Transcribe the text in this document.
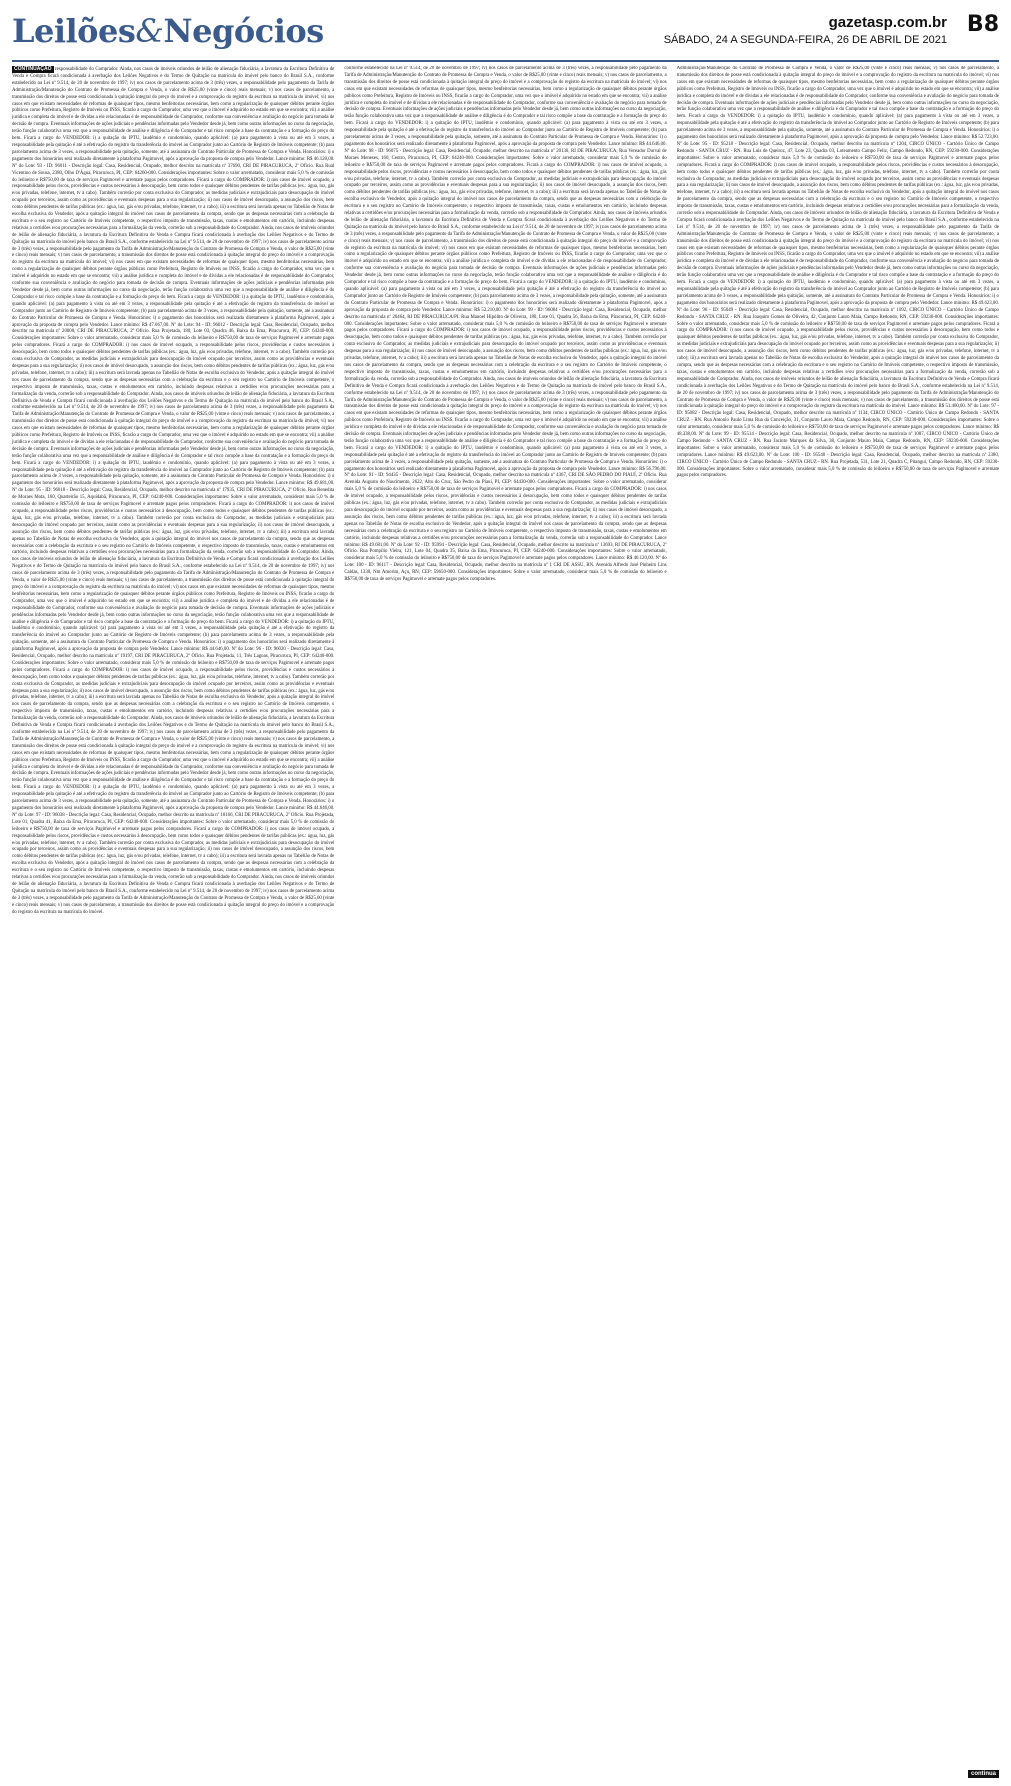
Leilões&Negócios	gazetasp.com.br
SÁBADO, 24 A SEGUNDA-FEIRA, 26 DE ABRIL DE 2021
B8

CONTINUAÇÃO responsabilidade do Comprador. Ainda, nos casos de imóveis oriundos de leilão de alienação fiduciária, a lavratura da Escritura Definitiva de Venda e Compra ficará condicionada à averbação dos Leilões Negativos e do Termo de Quitação na matrícula do imóvel pelo banco do Brasil S.A., conforme estabelecido na Lei nº 9.514, de 20 de novembro de 1997; iv) nos casos de parcelamento acima de 3 (três) vezes, a responsabilidade pelo pagamento da Tarifa de Administração/Manutenção do Contrato de Promessa de Compra e Venda, o valor de R$25,00 (vinte e cinco) reais mensais; v) nos casos de parcelamento, a transmissão dos direitos de posse está condicionada à quitação integral do preço do imóvel e a comprovação do registro da escritura na matrícula do imóvel; vi) nos casos em que existam necessidades de reformas de quaisquer tipos, mesmo benfeitorias necessárias, bem como a regularização de quaisquer débitos perante órgãos públicos como Prefeitura, Registro de Imóveis ou INSS, ficarão a cargo do Comprador, uma vez que o imóvel é adquirido no estado em que se encontra; vii) a análise jurídica e completa do imóvel e de dívidas a ele relacionadas é de responsabilidade do Comprador, conforme sua conveniência e avaliação do negócio para tomada de decisão de compra. Eventuais informações de ações judiciais e pendências informadas pelo Vendedor desde já, bem como outras informações no curso da negociação, terão função colaborativa uma vez que a responsabilidade de análise e diligência é do Comprador e tal risco compõe a base da contratação e a formação do preço do bem. Ficará a cargo do VENDEDOR: i) a quitação do IPTU, laudêmio e condomínio, quando aplicável: (a) para pagamento à vista ou até em 3 vezes, a responsabilidade pela quitação é até a efetivação do registro da transferência do imóvel ao Comprador junto ao Cartório de Registro de Imóveis competente; (b) para parcelamento acima de 3 vezes, a responsabilidade pela quitação, somente, até a assinatura do Contrato Particular de Promessa de Compra e Venda. Honorários: i) o pagamento dos honorários será realizado diretamente à plataforma Pagimovel, após a aprovação da proposta de compra pelo Vendedor. Lance mínimo: R$ 46.120,00. Nº do Lote: 93 - ID: 96011 - Descrição legal: Casa, Residencial, Ocupado, melhor descrito na matrícula nº 37690, CRI DE PIRACURUCA, 2º Ofício. Rua Rual Vicentino de Sousa, 2380, Olho D'Água, Piracuruca, PI, CEP: 64260-000. Considerações importantes: Sobre o valor arrematado, considerar mais 5,0 % de comissão do leiloeiro e R$750,00 de taxa de serviços Pagimovel e arremate pagos pelos compradores. Ficará a cargo do COMPRADOR: i) nos casos de imóvel ocupado, a responsabilidade pelos riscos, providências e custos necessários à desocupação, bem como todos e quaisquer débitos pendentes de tarifas públicas (ex.: água, luz, gás e/ou privadas, telefone, internet, tv a cabo). Também correrão por conta exclusiva do Comprador, as medidas judiciais e extrajudiciais para desocupação do imóvel ocupado por terceiros, assim como as providências e eventuais despesas para a sua regularização; ii) nos casos de imóvel desocupado, a assunção dos riscos, bem como débitos pendentes de tarifas públicas (ex.: água, luz, gás e/ou privadas, telefone, internet, tv a cabo); iii) a escritura será lavrada apenas no Tabelião de Notas de escolha exclusiva do Vendedor, após a quitação integral do imóvel nos casos de parcelamento da compra, sendo que as despesas necessárias com a celebração da escritura e o seu registro no Cartório de Imóveis competente, o respectivo imposto de transmissão, taxas, custas e emolumentos em cartório, incluindo despesas relativas a certidões e/ou procurações necessárias para a formalização da venda, correrão sob a responsabilidade do Comprador. Ainda, nos casos de imóveis oriundos de leilão de alienação fiduciária, a lavratura da Escritura Definitiva de Venda e Compra ficará condicionada à averbação dos Leilões Negativos e do Termo de Quitação na matrícula do imóvel pelo banco do Brasil S.A., conforme estabelecido na Lei nº 9.514, de 20 de novembro de 1997; iv) nos casos de parcelamento acima de 3 (três) vezes, a responsabilidade pelo pagamento da Tarifa de Administração/Manutenção do Contrato de Promessa de Compra e Venda, o valor de R$25,00 (vinte e cinco) reais mensais; v) nos casos de parcelamento, a transmissão dos direitos de posse está condicionada à quitação integral do preço do imóvel e a comprovação do registro da escritura na matrícula do imóvel; vi) nos casos em que existam necessidades de reformas de quaisquer tipos, mesmo benfeitorias necessárias, bem como a regularização de quaisquer débitos perante órgãos públicos como Prefeitura, Registro de Imóveis ou INSS, ficarão a cargo do Comprador, uma vez que o imóvel é adquirido no estado em que se encontra; vii) a análise jurídica e completa do imóvel e de dívidas a ele relacionadas é de responsabilidade do Comprador, conforme sua conveniência e avaliação do negócio para tomada de decisão de compra. Eventuais informações de ações judiciais e pendências informadas pelo Vendedor desde já, bem como outras informações no curso da negociação, terão função colaborativa uma vez que a responsabilidade de análise e diligência é do Comprador e tal risco compõe a base da contratação e a formação do preço do bem. Ficará a cargo do VENDEDOR: i) a quitação do IPTU, laudêmio e condomínio, quando aplicável: (a) para pagamento à vista ou até em 3 vezes, a responsabilidade pela quitação é até a efetivação do registro da transferência do imóvel ao Comprador junto ao Cartório de Registro de Imóveis competente; (b) para parcelamento acima de 3 vezes, a responsabilidade pela quitação, somente, até a assinatura do Contrato Particular de Promessa de Compra e Venda. Honorários: i) o pagamento dos honorários será realizado diretamente à plataforma Pagimovel, após a aprovação da proposta de compra pelo Vendedor. Lance mínimo: R$ 47.067,00. Nº do Lote: 94 - ID: 96012 - Descrição legal: Casa, Residencial, Ocupado, melhor descrito na matrícula nº 20000, CRI DE PIRACURUCA, 2º Ofício. Rua Projetada, 180, Lote 03, Quadra 46, Baixa da Ema, Piracuruca, PI, CEP: 64240-000. Considerações importantes: Sobre o valor arrematado, considerar mais 5,0 % de comissão do leiloeiro e R$750,00 de taxa de serviços Pagimovel e arremate pagos pelos compradores. Ficará a cargo do COMPRADOR: i) nos casos de imóvel ocupado, a responsabilidade pelos riscos, providências e custos necessários à desocupação, bem como todos e quaisquer débitos pendentes de tarifas públicas (ex.: água, luz, gás e/ou privadas, telefone, internet, tv a cabo). Também correrão por conta exclusiva do Comprador, as medidas judiciais e extrajudiciais para desocupação do imóvel ocupado por terceiros, assim como as providências e eventuais despesas para a sua regularização; ii) nos casos de imóvel desocupado, a assunção dos riscos, bem como débitos pendentes de tarifas públicas (ex.: água, luz, gás e/ou privadas, telefone, internet, tv a cabo); iii) a escritura será lavrada apenas no Tabelião de Notas de escolha exclusiva do Vendedor, após a quitação integral do imóvel nos casos de parcelamento da compra, sendo que as despesas necessárias com a celebração da escritura e o seu registro no Cartório de Imóveis competente, o respectivo imposto de transmissão, taxas, custas e emolumentos em cartório, incluindo despesas relativas a certidões e/ou procurações necessárias para a formalização da venda, correrão sob a responsabilidade do Comprador. Ainda, nos casos de imóveis oriundos de leilão de alienação fiduciária, a lavratura da Escritura Definitiva de Venda e Compra ficará condicionada à averbação dos Leilões Negativos e do Termo de Quitação na matrícula do imóvel pelo banco do Brasil S.A., conforme estabelecido na Lei nº 9.514, de 20 de novembro de 1997; iv) nos casos de parcelamento acima de 3 (três) vezes, a responsabilidade pelo pagamento da Tarifa de Administração/Manutenção do Contrato de Promessa de Compra e Venda, o valor de R$25,00 (vinte e cinco) reais mensais; v) nos casos de parcelamento, a transmissão dos direitos de posse está condicionada à quitação integral do preço do imóvel e a comprovação do registro da escritura na matrícula do imóvel; vi) nos casos em que existam necessidades de reformas de quaisquer tipos, mesmo benfeitorias necessárias, bem como a regularização de quaisquer débitos perante órgãos públicos como Prefeitura, Registro de Imóveis ou INSS, ficarão a cargo do Comprador, uma vez que o imóvel é adquirido no estado em que se encontra; vii) a análise jurídica e completa do imóvel e de dívidas a ele relacionadas é de responsabilidade do Comprador, conforme sua conveniência e avaliação do negócio para tomada de decisão de compra. Eventuais informações de ações judiciais e pendências informadas pelo Vendedor desde já, bem como outras informações no curso da negociação, terão função colaborativa uma vez que a responsabilidade de análise e diligência é do Comprador e tal risco compõe a base da contratação e a formação do preço do bem. Ficará a cargo do VENDEDOR: i) a quitação do IPTU, laudêmio e condomínio, quando aplicável: (a) para pagamento à vista ou até em 3 vezes, a responsabilidade pela quitação é até a efetivação do registro da transferência do imóvel ao Comprador junto ao Cartório de Registro de Imóveis competente; (b) para parcelamento acima de 3 vezes, a responsabilidade pela quitação, somente, até a assinatura do Contrato Particular de Promessa de Compra e Venda. Honorários: i) o pagamento dos honorários será realizado diretamente à plataforma Pagimovel, após a aprovação da proposta de compra pelo Vendedor. Lance mínimo: R$ 49.681,00. Nº do Lote: 95 - ID: 96018 - Descrição legal: Casa, Residencial, Ocupado, melhor descrito na matrícula nº 17935, CRI DE PIRACURUCA, 2º Ofício. Rua Benedita de Moraes Mota, 160, Quarteirão 15, Aquidabã, Piracuruca, PI, CEP: 64240-000. Considerações importantes: Sobre o valor arrematado, considerar mais 5,0 % de comissão do leiloeiro e R$750,00 de taxa de serviços Pagimovel e arremate pagos pelos compradores. Ficará a cargo do COMPRADOR: i) nos casos de imóvel ocupado, a responsabilidade pelos riscos, providências e custos necessários à desocupação, bem como todos e quaisquer débitos pendentes de tarifas públicas (ex.: água, luz, gás e/ou privadas, telefone, internet, tv a cabo). Também correrão por conta exclusiva do Comprador, as medidas judiciais e extrajudiciais para desocupação do imóvel ocupado por terceiros, assim como as providências e eventuais despesas para a sua regularização; ii) nos casos de imóvel desocupado, a assunção dos riscos, bem como débitos pendentes de tarifas públicas (ex.: água, luz, gás e/ou privadas, telefone, internet, tv a cabo); iii) a escritura será lavrada apenas no Tabelião de Notas de escolha exclusiva do Vendedor, após a quitação integral do imóvel nos casos de parcelamento da compra, sendo que as despesas necessárias com a celebração da escritura e o seu registro no Cartório de Imóveis competente, o respectivo imposto de transmissão, taxas, custas e emolumentos em cartório, incluindo despesas relativas a certidões e/ou procurações necessárias para a formalização da venda, correrão sob a responsabilidade do Comprador. Ainda, nos casos de imóveis oriundos de leilão de alienação fiduciária, a lavratura da Escritura Definitiva de Venda e Compra ficará condicionada à averbação dos Leilões Negativos e do Termo de Quitação na matrícula do imóvel pelo banco do Brasil S.A., conforme estabelecido na Lei nº 9.514, de 20 de novembro de 1997; iv) nos casos de parcelamento acima de 3 (três) vezes, a responsabilidade pelo pagamento da Tarifa de Administração/Manutenção do Contrato de Promessa de Compra e Venda, o valor de R$25,00 (vinte e cinco) reais mensais; v) nos casos de parcelamento, a transmissão dos direitos de posse está condicionada à quitação integral do preço do imóvel e a comprovação do registro da escritura na matrícula do imóvel; vi) nos casos em que existam necessidades de reformas de quaisquer tipos, mesmo benfeitorias necessárias, bem como a regularização de quaisquer débitos perante órgãos públicos como Prefeitura, Registro de Imóveis ou INSS, ficarão a cargo do Comprador, uma vez que o imóvel é adquirido no estado em que se encontra; vii) a análise jurídica e completa do imóvel e de dívidas a ele relacionadas é de responsabilidade do Comprador, conforme sua conveniência e avaliação do negócio para tomada de decisão de compra. Eventuais informações de ações judiciais e pendências informadas pelo Vendedor desde já, bem como outras informações no curso da negociação, terão função colaborativa uma vez que a responsabilidade de análise e diligência é do Comprador e tal risco compõe a base da contratação e a formação do preço do bem. Ficará a cargo do VENDEDOR: i) a quitação do IPTU, laudêmio e condomínio, quando aplicável: (a) para pagamento à vista ou até em 3 vezes, a responsabilidade pela quitação é até a efetivação do registro da transferência do imóvel ao Comprador junto ao Cartório de Registro de Imóveis competente; (b) para parcelamento acima de 3 vezes, a responsabilidade pela quitação, somente, até a assinatura do Contrato Particular de Promessa de Compra e Venda. Honorários: i) o pagamento dos honorários será realizado diretamente à plataforma Pagimovel, após a aprovação da proposta de compra pelo Vendedor. Lance mínimo: R$ 44.646,00. Nº do Lote: 96 - ID: 96020 - Descrição legal: Casa, Residencial, Ocupado, melhor descrito na matrícula nº 19197, CRI DE PIRACURUCA, 2º Ofício. Rua Projetada, 11, Três Lagoas, Piracuruca, PI, CEP: 64240-000. Considerações importantes: Sobre o valor arrematado, considerar mais 5,0 % de comissão do leiloeiro e R$750,00 de taxa de serviços Pagimovel e arremate pagos pelos compradores. Ficará a cargo do COMPRADOR: i) nos casos de imóvel ocupado, a responsabilidade pelos riscos, providências e custos necessários à desocupação, bem como todos e quaisquer débitos pendentes de tarifas públicas (ex.: água, luz, gás e/ou privadas, telefone, internet, tv a cabo). Também correrão por conta exclusiva do Comprador, as medidas judiciais e extrajudiciais para desocupação do imóvel ocupado por terceiros, assim como as providências e eventuais despesas para a sua regularização; ii) nos casos de imóvel desocupado, a assunção dos riscos, bem como débitos pendentes de tarifas públicas (ex.: água, luz, gás e/ou privadas, telefone, internet, tv a cabo); iii) a escritura será lavrada apenas no Tabelião de Notas de escolha exclusiva do Vendedor, após a quitação integral do imóvel nos casos de parcelamento da compra, sendo que as despesas necessárias com a celebração da escritura e o seu registro no Cartório de Imóveis competente, o respectivo imposto de transmissão, taxas, custas e emolumentos em cartório, incluindo despesas relativas a certidões e/ou procurações necessárias para a formalização da venda, correrão sob a responsabilidade do Comprador. Ainda, nos casos de imóveis oriundos de leilão de alienação fiduciária, a lavratura da Escritura Definitiva de Venda e Compra ficará condicionada à averbação dos Leilões Negativos e do Termo de Quitação na matrícula do imóvel pelo banco do Brasil S.A., conforme estabelecido na Lei nº 9.514, de 20 de novembro de 1997; iv) nos casos de parcelamento acima de 3 (três) vezes, a responsabilidade pelo pagamento da Tarifa de Administração/Manutenção do Contrato de Promessa de Compra e Venda, o valor de R$25,00 (vinte e cinco) reais mensais; v) nos casos de parcelamento, a transmissão dos direitos de posse está condicionada à quitação integral do preço do imóvel e a comprovação do registro da escritura na matrícula do imóvel; vi) nos casos em que existam necessidades de reformas de quaisquer tipos, mesmo benfeitorias necessárias, bem como a regularização de quaisquer débitos perante órgãos públicos como Prefeitura, Registro de Imóveis ou INSS, ficarão a cargo do Comprador, uma vez que o imóvel é adquirido no estado em que se encontra; vii) a análise jurídica e completa do imóvel e de dívidas a ele relacionadas é de responsabilidade do Comprador, conforme sua conveniência e avaliação do negócio para tomada de decisão de compra. Eventuais informações de ações judiciais e pendências informadas pelo Vendedor desde já, bem como outras informações no curso da negociação, terão função colaborativa uma vez que a responsabilidade de análise e diligência é do Comprador e tal risco compõe a base da contratação e a formação do preço do bem. Ficará a cargo do VENDEDOR: i) a quitação do IPTU, laudêmio e condomínio, quando aplicável: (a) para pagamento à vista ou até em 3 vezes, a responsabilidade pela quitação é até a efetivação do registro da transferência do imóvel ao Comprador junto ao Cartório de Registro de Imóveis competente; (b) para parcelamento acima de 3 vezes, a responsabilidade pela quitação, somente, até a assinatura do Contrato Particular de Promessa de Compra e Venda. Honorários: i) o pagamento dos honorários será realizado diretamente à plataforma Pagimovel, após a aprovação da proposta de compra pelo Vendedor. Lance mínimo: R$ 44.646,00. Nº do Lote: 97 - ID: 96038 - Descrição legal: Casa, Residencial, Ocupado, melhor descrito na matrícula nº 18166, CRI DE PIRACURUCA, 2º Ofício. Rua Projetada, Lote 01, Quadra 41, Baixa da Ema, Piracuruca, PI, CEP: 64240-000. Considerações importantes: Sobre o valor arrematado, considerar mais 5,0 % de comissão do leiloeiro e R$750,00 de taxa de serviços Pagimovel e arremate pagos pelos compradores. Ficará a cargo do COMPRADOR: i) nos casos de imóvel ocupado, a responsabilidade pelos riscos, providências e custos necessários à desocupação, bem como todos e quaisquer débitos pendentes de tarifas públicas (ex.: água, luz, gás e/ou privadas, telefone, internet, tv a cabo). Também correrão por conta exclusiva do Comprador, as medidas judiciais e extrajudiciais para desocupação do imóvel ocupado por terceiros, assim como as providências e eventuais despesas para a sua regularização; ii) nos casos de imóvel desocupado, a assunção dos riscos, bem como débitos pendentes de tarifas públicas (ex.: água, luz, gás e/ou privadas, telefone, internet, tv a cabo); iii) a escritura será lavrada apenas no Tabelião de Notas de escolha exclusiva do Vendedor, após a quitação integral do imóvel nos casos de parcelamento da compra, sendo que as despesas necessárias com a celebração da escritura e o seu registro no Cartório de Imóveis competente, o respectivo imposto de transmissão, taxas, custas e emolumentos em cartório, incluindo despesas relativas a certidões e/ou procurações necessárias para a formalização da venda, correrão sob a responsabilidade do Comprador. Ainda, nos casos de imóveis oriundos de leilão de alienação fiduciária, a lavratura da Escritura Definitiva de Venda e Compra ficará condicionada à averbação dos Leilões Negativos e do Termo de Quitação na matrícula do imóvel pelo banco do Brasil S.A., conforme estabelecido na Lei nº 9.514, de 20 de novembro de 1997; iv) nos casos de parcelamento acima de 3 (três) vezes, a responsabilidade pelo pagamento da Tarifa de Administração/Manutenção do Contrato de Promessa de Compra e Venda, o valor de R$25,00 (vinte e cinco) reais mensais; v) nos casos de parcelamento, a transmissão dos direitos de posse está condicionada à quitação integral do preço do imóvel e a comprovação do registro da escritura na matrícula do imóvel.

conforme estabelecido na Lei nº 9.514, de 20 de novembro de 1997; iv) nos casos de parcelamento acima de 3 (três) vezes, a responsabilidade pelo pagamento da Tarifa de Administração/Manutenção do Contrato de Promessa de Compra e Venda, o valor de R$25,00 (vinte e cinco) reais mensais; v) nos casos de parcelamento, a transmissão dos direitos de posse está condicionada à quitação integral do preço do imóvel e a comprovação do registro da escritura na matrícula do imóvel; vi) nos casos em que existam necessidades de reformas de quaisquer tipos, mesmo benfeitorias necessárias, bem como a regularização de quaisquer débitos perante órgãos públicos como Prefeitura, Registro de Imóveis ou INSS, ficarão a cargo do Comprador, uma vez que o imóvel é adquirido no estado em que se encontra; vii) a análise jurídica e completa do imóvel e de dívidas a ele relacionadas é de responsabilidade do Comprador, conforme sua conveniência e avaliação do negócio para tomada de decisão de compra. Eventuais informações de ações judiciais e pendências informadas pelo Vendedor desde já, bem como outras informações no curso da negociação, terão função colaborativa uma vez que a responsabilidade de análise e diligência é do Comprador e tal risco compõe a base da contratação e a formação do preço do bem. Ficará a cargo do VENDEDOR: i) a quitação do IPTU, laudêmio e condomínio, quando aplicável: (a) para pagamento à vista ou até em 3 vezes, a responsabilidade pela quitação é até a efetivação do registro da transferência do imóvel ao Comprador junto ao Cartório de Registro de Imóveis competente; (b) para parcelamento acima de 3 vezes, a responsabilidade pela quitação, somente, até a assinatura do Contrato Particular de Promessa de Compra e Venda. Honorários: i) o pagamento dos honorários será realizado diretamente à plataforma Pagimovel, após a aprovação da proposta de compra pelo Vendedor. Lance mínimo: R$ 44.646,00. Nº do Lote: 98 - ID: 96075 - Descrição legal: Casa, Residencial, Ocupado, melhor descrito na matrícula nº 20130, RI DE PIRACURUCA, Rua Vereador Durval de Moraes Meneses, 160, Centro, Piracuruca, PI, CEP: 64240-000. Considerações importantes: Sobre o valor arrematado, considerar mais 5,0 % de comissão do leiloeiro e R$750,00 de taxa de serviços Pagimovel e arremate pagos pelos compradores. Ficará a cargo do COMPRADOR: i) nos casos de imóvel ocupado, a responsabilidade pelos riscos, providências e custos necessários à desocupação, bem como todos e quaisquer débitos pendentes de tarifas públicas (ex.: água, luz, gás e/ou privadas, telefone, internet, tv a cabo). Também correrão por conta exclusiva do Comprador, as medidas judiciais e extrajudiciais para desocupação do imóvel ocupado por terceiros, assim como as providências e eventuais despesas para a sua regularização; ii) nos casos de imóvel desocupado, a assunção dos riscos, bem como débitos pendentes de tarifas públicas (ex.: água, luz, gás e/ou privadas, telefone, internet, tv a cabo); iii) a escritura será lavrada apenas no Tabelião de Notas de escolha exclusiva do Vendedor, após a quitação integral do imóvel nos casos de parcelamento da compra, sendo que as despesas necessárias com a celebração da escritura e o seu registro no Cartório de Imóveis competente, o respectivo imposto de transmissão, taxas, custas e emolumentos em cartório, incluindo despesas relativas a certidões e/ou procurações necessárias para a formalização da venda, correrão sob a responsabilidade do Comprador. Ainda, nos casos de imóveis oriundos de leilão de alienação fiduciária, a lavratura da Escritura Definitiva de Venda e Compra ficará condicionada à averbação dos Leilões Negativos e do Termo de Quitação na matrícula do imóvel pelo banco do Brasil S.A., conforme estabelecido na Lei nº 9.514, de 20 de novembro de 1997; iv) nos casos de parcelamento acima de 3 (três) vezes, a responsabilidade pelo pagamento da Tarifa de Administração/Manutenção do Contrato de Promessa de Compra e Venda, o valor de R$25,00 (vinte e cinco) reais mensais; v) nos casos de parcelamento, a transmissão dos direitos de posse está condicionada à quitação integral do preço do imóvel e a comprovação do registro da escritura na matrícula do imóvel; vi) nos casos em que existam necessidades de reformas de quaisquer tipos, mesmo benfeitorias necessárias, bem como a regularização de quaisquer débitos perante órgãos públicos como Prefeitura, Registro de Imóveis ou INSS, ficarão a cargo do Comprador, uma vez que o imóvel é adquirido no estado em que se encontra; vii) a análise jurídica e completa do imóvel e de dívidas a ele relacionadas é de responsabilidade do Comprador, conforme sua conveniência e avaliação do negócio para tomada de decisão de compra. Eventuais informações de ações judiciais e pendências informadas pelo Vendedor desde já, bem como outras informações no curso da negociação, terão função colaborativa uma vez que a responsabilidade de análise e diligência é do Comprador e tal risco compõe a base da contratação e a formação do preço do bem. Ficará a cargo do VENDEDOR: i) a quitação do IPTU, laudêmio e condomínio, quando aplicável: (a) para pagamento à vista ou até em 3 vezes, a responsabilidade pela quitação é até a efetivação do registro da transferência do imóvel ao Comprador junto ao Cartório de Registro de Imóveis competente; (b) para parcelamento acima de 3 vezes, a responsabilidade pela quitação, somente, até a assinatura do Contrato Particular de Promessa de Compra e Venda. Honorários: i) o pagamento dos honorários será realizado diretamente à plataforma Pagimovel, após a aprovação da proposta de compra pelo Vendedor. Lance mínimo: R$ 52.210,00. Nº do Lote: 99 - ID: 96084 - Descrição legal: Casa, Residencial, Ocupado, melhor descrito na matrícula nº 20464, RI DE PIRACURUCA/PI. Rua Manoel Hipólito de Oliveira, 180, Lote 01, Quadra 56, Baixa da Ema, Piracuruca, PI, CEP: 64240-000. Considerações importantes: Sobre o valor arrematado, considerar mais 5,0 % de comissão do leiloeiro e R$750,00 de taxa de serviços Pagimovel e arremate pagos pelos compradores. Ficará a cargo do COMPRADOR: i) nos casos de imóvel ocupado, a responsabilidade pelos riscos, providências e custos necessários à desocupação, bem como todos e quaisquer débitos pendentes de tarifas públicas (ex.: água, luz, gás e/ou privadas, telefone, internet, tv a cabo). Também correrão por conta exclusiva do Comprador, as medidas judiciais e extrajudiciais para desocupação do imóvel ocupado por terceiros, assim como as providências e eventuais despesas para a sua regularização; ii) nos casos de imóvel desocupado, a assunção dos riscos, bem como débitos pendentes de tarifas públicas (ex.: água, luz, gás e/ou privadas, telefone, internet, tv a cabo); iii) a escritura será lavrada apenas no Tabelião de Notas de escolha exclusiva do Vendedor, após a quitação integral do imóvel nos casos de parcelamento da compra, sendo que as despesas necessárias com a celebração da escritura e o seu registro no Cartório de Imóveis competente, o respectivo imposto de transmissão, taxas, custas e emolumentos em cartório, incluindo despesas relativas a certidões e/ou procurações necessárias para a formalização da venda, correrão sob a responsabilidade do Comprador. Ainda, nos casos de imóveis oriundos de leilão de alienação fiduciária, a lavratura da Escritura Definitiva de Venda e Compra ficará condicionada à averbação dos Leilões Negativos e do Termo de Quitação na matrícula do imóvel pelo banco do Brasil S.A., conforme estabelecido na Lei nº 9.514, de 20 de novembro de 1997; iv) nos casos de parcelamento acima de 3 (três) vezes, a responsabilidade pelo pagamento da Tarifa de Administração/Manutenção do Contrato de Promessa de Compra e Venda, o valor de R$25,00 (vinte e cinco) reais mensais; v) nos casos de parcelamento, a transmissão dos direitos de posse está condicionada à quitação integral do preço do imóvel e a comprovação do registro da escritura na matrícula do imóvel; vi) nos casos em que existam necessidades de reformas de quaisquer tipos, mesmo benfeitorias necessárias, bem como a regularização de quaisquer débitos perante órgãos públicos como Prefeitura, Registro de Imóveis ou INSS, ficarão a cargo do Comprador, uma vez que o imóvel é adquirido no estado em que se encontra; vii) a análise jurídica e completa do imóvel e de dívidas a ele relacionadas é de responsabilidade do Comprador, conforme sua conveniência e avaliação do negócio para tomada de decisão de compra. Eventuais informações de ações judiciais e pendências informadas pelo Vendedor desde já, bem como outras informações no curso da negociação, terão função colaborativa uma vez que a responsabilidade de análise e diligência é do Comprador e tal risco compõe a base da contratação e a formação do preço do bem. Ficará a cargo do VENDEDOR: i) a quitação do IPTU, laudêmio e condomínio, quando aplicável: (a) para pagamento à vista ou até em 3 vezes, a responsabilidade pela quitação é até a efetivação do registro da transferência do imóvel ao Comprador junto ao Cartório de Registro de Imóveis competente; (b) para parcelamento acima de 3 vezes, a responsabilidade pela quitação, somente, até a assinatura do Contrato Particular de Promessa de Compra e Venda. Honorários: i) o pagamento dos honorários será realizado diretamente à plataforma Pagimovel, após a aprovação da proposta de compra pelo Vendedor. Lance mínimo: R$ 56.796,00. Nº do Lote: 91 - ID: 94435 - Descrição legal: Casa, Residencial, Ocupado, melhor descrito na matrícula nº 4367, CRI DE SÃO PEDRO DO PIAUÍ, 2º Ofício. Rua Avenida Augusto do Nascimento, 2622, Alto do Cruz, São Pedro do Piauí, PI, CEP: 64430-000. Considerações importantes: Sobre o valor arrematado, considerar mais 5,0 % de comissão do leiloeiro e R$750,00 de taxa de serviços Pagimovel e arremate pagos pelos compradores. Ficará a cargo do COMPRADOR: i) nos casos de imóvel ocupado, a responsabilidade pelos riscos, providências e custos necessários à desocupação, bem como todos e quaisquer débitos pendentes de tarifas públicas (ex.: água, luz, gás e/ou privadas, telefone, internet, tv a cabo). Também correrão por conta exclusiva do Comprador, as medidas judiciais e extrajudiciais para desocupação do imóvel ocupado por terceiros, assim como as providências e eventuais despesas para a sua regularização; ii) nos casos de imóvel desocupado, a assunção dos riscos, bem como débitos pendentes de tarifas públicas (ex.: água, luz, gás e/ou privadas, telefone, internet, tv a cabo); iii) a escritura será lavrada apenas no Tabelião de Notas de escolha exclusiva do Vendedor, após a quitação integral do imóvel nos casos de parcelamento da compra, sendo que as despesas necessárias com a celebração da escritura e o seu registro no Cartório de Imóveis competente, o respectivo imposto de transmissão, taxas, custas e emolumentos em cartório, incluindo despesas relativas a certidões e/ou procurações necessárias para a formalização da venda, correrão sob a responsabilidade do Comprador. Lance mínimo: R$ 49.681,00. Nº do Lote: 92 - ID: 95994 - Descrição legal: Casa, Residencial, Ocupado, melhor descrito na matrícula nº 13693, RI DE PIRACURUCA, 2º Ofício. Rua Pompílio Vieira, 121, Lote 04, Quadra 35, Baixa da Ema, Piracuruca, PI, CEP: 64240-000. Considerações importantes: Sobre o valor arrematado, considerar mais 5,0 % de comissão do leiloeiro e R$750,00 de taxa de serviços Pagimovel e arremate pagos pelos compradores. Lance mínimo: R$ 46.120,00. Nº do Lote: 100 - ID: 96117 - Descrição legal: Casa, Residencial, Ocupado, melhor descrito na matrícula nº 1 CRI DE ASSU, RN. Avenida Alfredo José Pinheiro Lins Caldas, 1330, Nm Amorim, Açu, RN, CEP: 59650-000. Considerações importantes: Sobre o valor arrematado, considerar mais 5,0 % de comissão do leiloeiro e R$750,00 de taxa de serviços Pagimovel e arremate pagos pelos compradores.

Administração/Manutenção do Contrato de Promessa de Compra e Venda, o valor de R$25,00 (vinte e cinco) reais mensais; v) nos casos de parcelamento, a transmissão dos direitos de posse está condicionada à quitação integral do preço do imóvel e a comprovação do registro da escritura na matrícula do imóvel; vi) nos casos em que existam necessidades de reformas de quaisquer tipos, mesmo benfeitorias necessárias, bem como a regularização de quaisquer débitos perante órgãos públicos como Prefeitura, Registro de Imóveis ou INSS, ficarão a cargo do Comprador, uma vez que o imóvel é adquirido no estado em que se encontra; vii) a análise jurídica e completa do imóvel e de dívidas a ele relacionadas é de responsabilidade do Comprador, conforme sua conveniência e avaliação do negócio para tomada de decisão de compra. Eventuais informações de ações judiciais e pendências informadas pelo Vendedor desde já, bem como outras informações no curso da negociação, terão função colaborativa uma vez que a responsabilidade de análise e diligência é do Comprador e tal risco compõe a base da contratação e a formação do preço do bem. Ficará a cargo do VENDEDOR: i) a quitação do IPTU, laudêmio e condomínio, quando aplicável: (a) para pagamento à vista ou até em 3 vezes, a responsabilidade pela quitação é até a efetivação do registro da transferência do imóvel ao Comprador junto ao Cartório de Registro de Imóveis competente; (b) para parcelamento acima de 3 vezes, a responsabilidade pela quitação, somente, até a assinatura do Contrato Particular de Promessa de Compra e Venda. Honorários: i) o pagamento dos honorários será realizado diretamente à plataforma Pagimovel, após a aprovação da proposta de compra pelo Vendedor. Lance mínimo: R$ 52.723,00. Nº do Lote: 95 - ID: 95218 - Descrição legal: Casa, Residencial, Ocupado, melhor descrito na matrícula nº 1204, CIRCO ÚNICO - Cartório Único de Campo Redondo - SANTA CRUZ - RN. Rua Luis de Queiroz, 47, Lote 23, Quadra 03, Loteamento Campo Feliz, Campo Redondo, RN, CEP: 59230-000. Considerações importantes: Sobre o valor arrematado, considerar mais 5,0 % de comissão do leiloeiro e R$750,00 de taxa de serviços Pagimovel e arremate pagos pelos compradores. Ficará a cargo do COMPRADOR: i) nos casos de imóvel ocupado, a responsabilidade pelos riscos, providências e custos necessários à desocupação, bem como todos e quaisquer débitos pendentes de tarifas públicas (ex.: água, luz, gás e/ou privadas, telefone, internet, tv a cabo). Também correrão por conta exclusiva do Comprador, as medidas judiciais e extrajudiciais para desocupação do imóvel ocupado por terceiros, assim como as providências e eventuais despesas para a sua regularização; ii) nos casos de imóvel desocupado, a assunção dos riscos, bem como débitos pendentes de tarifas públicas (ex.: água, luz, gás e/ou privadas, telefone, internet, tv a cabo); iii) a escritura será lavrada apenas no Tabelião de Notas de escolha exclusiva do Vendedor, após a quitação integral do imóvel nos casos de parcelamento da compra, sendo que as despesas necessárias com a celebração da escritura e o seu registro no Cartório de Imóveis competente, o respectivo imposto de transmissão, taxas, custas e emolumentos em cartório, incluindo despesas relativas a certidões e/ou procurações necessárias para a formalização da venda, correrão sob a responsabilidade do Comprador. Ainda, nos casos de imóveis oriundos de leilão de alienação fiduciária, a lavratura da Escritura Definitiva de Venda e Compra ficará condicionada à averbação dos Leilões Negativos e do Termo de Quitação na matrícula do imóvel pelo banco do Brasil S.A., conforme estabelecido na Lei nº 9.514, de 20 de novembro de 1997; iv) nos casos de parcelamento acima de 3 (três) vezes, a responsabilidade pelo pagamento da Tarifa de Administração/Manutenção do Contrato de Promessa de Compra e Venda, o valor de R$25,00 (vinte e cinco) reais mensais; v) nos casos de parcelamento, a transmissão dos direitos de posse está condicionada à quitação integral do preço do imóvel e a comprovação do registro da escritura na matrícula do imóvel; vi) nos casos em que existam necessidades de reformas de quaisquer tipos, mesmo benfeitorias necessárias, bem como a regularização de quaisquer débitos perante órgãos públicos como Prefeitura, Registro de Imóveis ou INSS, ficarão a cargo do Comprador, uma vez que o imóvel é adquirido no estado em que se encontra; vii) a análise jurídica e completa do imóvel e de dívidas a ele relacionadas é de responsabilidade do Comprador, conforme sua conveniência e avaliação do negócio para tomada de decisão de compra. Eventuais informações de ações judiciais e pendências informadas pelo Vendedor desde já, bem como outras informações no curso da negociação, terão função colaborativa uma vez que a responsabilidade de análise e diligência é do Comprador e tal risco compõe a base da contratação e a formação do preço do bem. Ficará a cargo do VENDEDOR: i) a quitação do IPTU, laudêmio e condomínio, quando aplicável: (a) para pagamento à vista ou até em 3 vezes, a responsabilidade pela quitação é até a efetivação do registro da transferência do imóvel ao Comprador junto ao Cartório de Registro de Imóveis competente; (b) para parcelamento acima de 3 vezes, a responsabilidade pela quitação, somente, até a assinatura do Contrato Particular de Promessa de Compra e Venda. Honorários: i) o pagamento dos honorários será realizado diretamente à plataforma Pagimovel, após a aprovação da proposta de compra pelo Vendedor. Lance mínimo: R$ 49.623,00. Nº do Lote: 96 - ID: 95049 - Descrição legal: Casa, Residencial, Ocupado, melhor descrito na matrícula nº 1092, CIRCO ÚNICO - Cartório Único de Campo Redondo - SANTA CRUZ - RN. Rua Joaquim Gomes de Oliveira, 42, Conjunto Lauro Maia, Campo Redondo, RN, CEP: 59230-000. Considerações importantes: Sobre o valor arrematado, considerar mais 5,0 % de comissão do leiloeiro e R$750,00 de taxa de serviços Pagimovel e arremate pagos pelos compradores. Ficará a cargo do COMPRADOR: i) nos casos de imóvel ocupado, a responsabilidade pelos riscos, providências e custos necessários à desocupação, bem como todos e quaisquer débitos pendentes de tarifas públicas (ex.: água, luz, gás e/ou privadas, telefone, internet, tv a cabo). Também correrão por conta exclusiva do Comprador, as medidas judiciais e extrajudiciais para desocupação do imóvel ocupado por terceiros, assim como as providências e eventuais despesas para a sua regularização; ii) nos casos de imóvel desocupado, a assunção dos riscos, bem como débitos pendentes de tarifas públicas (ex.: água, luz, gás e/ou privadas, telefone, internet, tv a cabo); iii) a escritura será lavrada apenas no Tabelião de Notas de escolha exclusiva do Vendedor, após a quitação integral do imóvel nos casos de parcelamento da compra, sendo que as despesas necessárias com a celebração da escritura e o seu registro no Cartório de Imóveis competente, o respectivo imposto de transmissão, taxas, custas e emolumentos em cartório, incluindo despesas relativas a certidões e/ou procurações necessárias para a formalização da venda, correrão sob a responsabilidade do Comprador. Ainda, nos casos de imóveis oriundos de leilão de alienação fiduciária, a lavratura da Escritura Definitiva de Venda e Compra ficará condicionada à averbação dos Leilões Negativos e do Termo de Quitação na matrícula do imóvel pelo banco do Brasil S.A., conforme estabelecido na Lei nº 9.514, de 20 de novembro de 1997; iv) nos casos de parcelamento acima de 3 (três) vezes, a responsabilidade pelo pagamento da Tarifa de Administração/Manutenção do Contrato de Promessa de Compra e Venda, o valor de R$25,00 (vinte e cinco) reais mensais; v) nos casos de parcelamento, a transmissão dos direitos de posse está condicionada à quitação integral do preço do imóvel e a comprovação do registro da escritura na matrícula do imóvel. Lance mínimo: R$ 51.400,00. Nº do Lote: 97 - ID: 95082 - Descrição legal: Casa, Residencial, Ocupado, melhor descrito na matrícula nº 1134, CIRCO ÚNICO - Cartório Único de Campo Redondo - SANTA CRUZ - RN. Rua Antonio Paulo Lima Rua da Conceição, 31, Conjunto Lauro Maia, Campo Redondo, RN, CEP: 59230-000. Considerações importantes: Sobre o valor arrematado, considerar mais 5,0 % de comissão do leiloeiro e R$750,00 de taxa de serviços Pagimovel e arremate pagos pelos compradores. Lance mínimo: R$ 48.338,00. Nº do Lote: 99 - ID: 95514 - Descrição legal: Casa, Residencial, Ocupado, melhor descrito na matrícula nº 1087, CIRCO ÚNICO - Cartório Único de Campo Redondo - SANTA CRUZ - RN. Rua Jacinto Marques da Silva, 38, Conjunto Mauro Maia, Campo Redondo, RN, CEP: 59230-000. Considerações importantes: Sobre o valor arrematado, considerar mais 5,0 % de comissão do leiloeiro e R$750,00 de taxa de serviços Pagimovel e arremate pagos pelos compradores. Lance mínimo: R$ 49.623,00. Nº do Lote: 100 - ID: 95540 - Descrição legal: Casa, Residencial, Ocupado, melhor descrito na matrícula nº 2380, CIRCO ÚNICO - Cartório Único de Campo Redondo - SANTA CRUZ - RN. Rua Projetada, 531, Lote 21, Quadra C, Pitangui, Campo Redondo, RN, CEP: 59230-000. Considerações importantes: Sobre o valor arrematado, considerar mais 5,0 % de comissão do leiloeiro e R$750,00 de taxa de serviços Pagimovel e arremate pagos pelos compradores.

continua
